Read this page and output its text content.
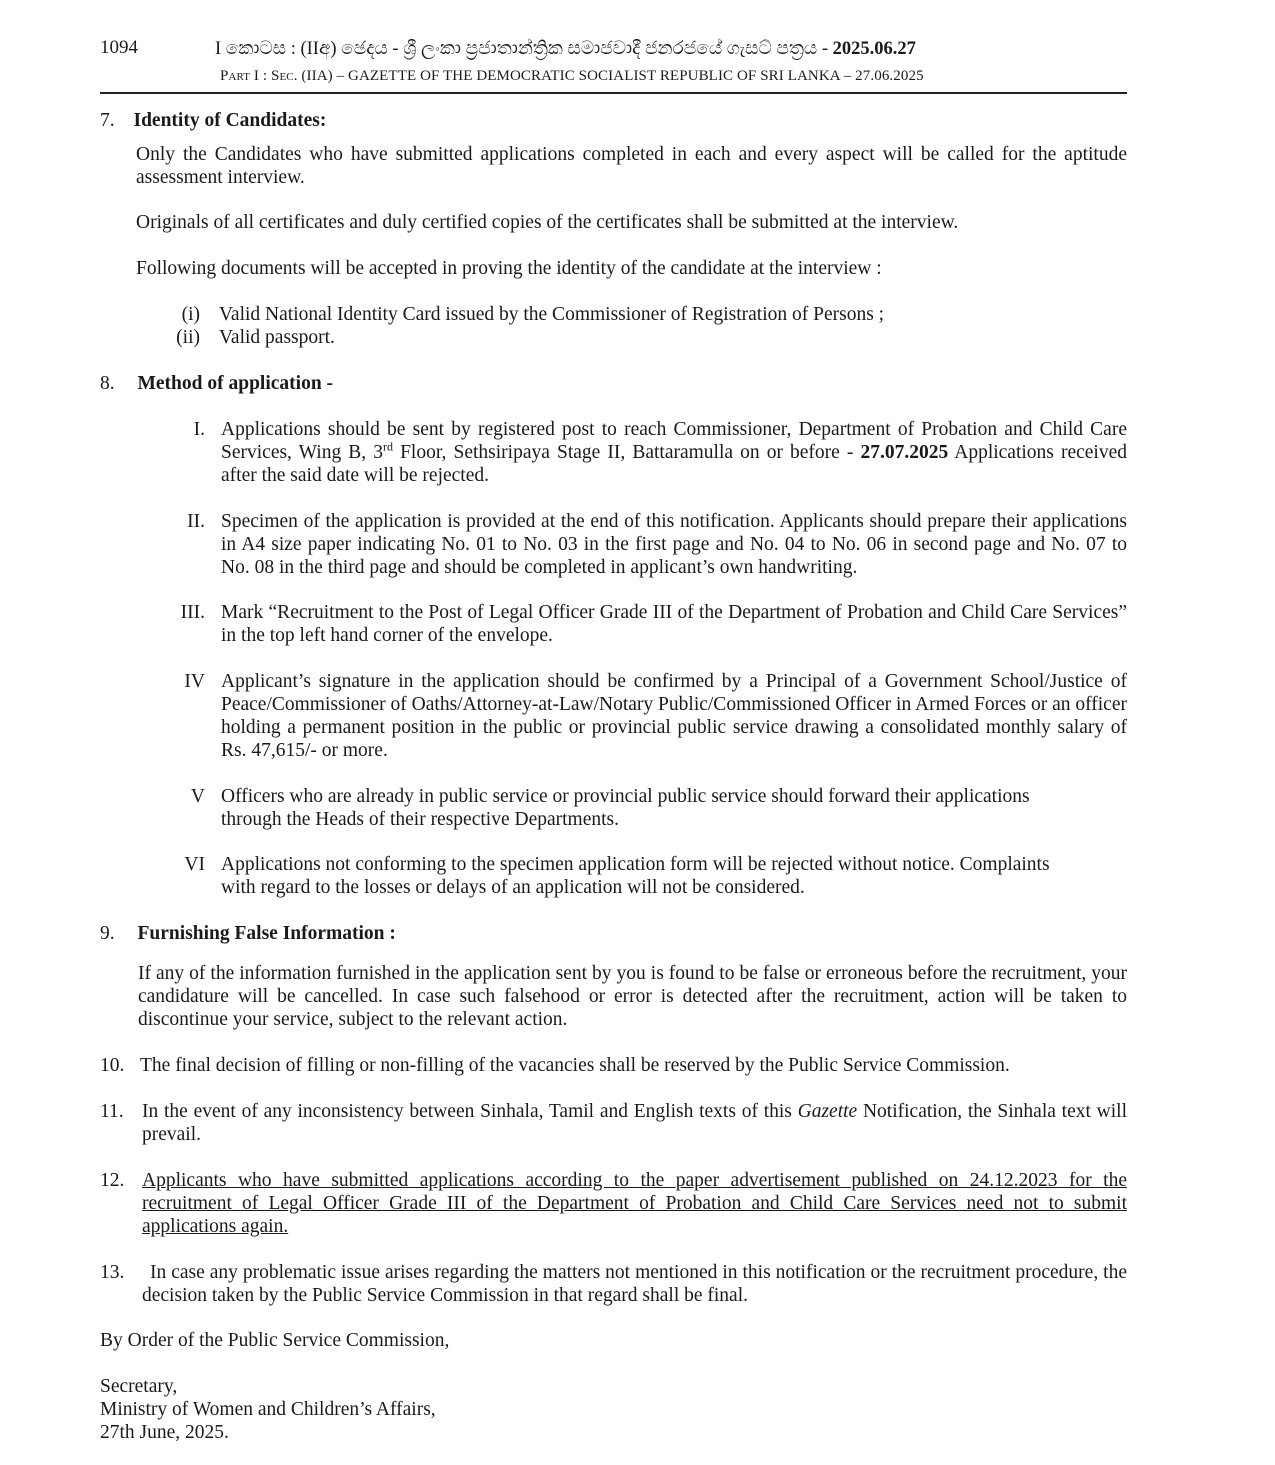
1094	I කොටස : (IIඅ) ඡෙදය - ශ්‍රී ලංකා ප්‍රජාතාන්ත්‍රික සමාජවාදී ජනරජයේ ගැසට් පත්‍රය - 2025.06.27
Part I : Sec. (IIA) – GAZETTE OF THE DEMOCRATIC SOCIALIST REPUBLIC OF SRI LANKA – 27.06.2025
7. Identity of Candidates:

Only the Candidates who have submitted applications completed in each and every aspect will be called for the aptitude assessment interview.

Originals of all certificates and duly certified copies of the certificates shall be submitted at the interview.

Following documents will be accepted in proving the identity of the candidate at the interview :

(i) Valid National Identity Card issued by the Commissioner of Registration of Persons ;
(ii) Valid passport.
8. Method of application -
I. Applications should be sent by registered post to reach Commissioner, Department of Probation and Child Care Services, Wing B, 3rd Floor, Sethsiripaya Stage II, Battaramulla on or before - 27.07.2025 Applications received after the said date will be rejected.

II. Specimen of the application is provided at the end of this notification. Applicants should prepare their applications in A4 size paper indicating No. 01 to No. 03 in the first page and No. 04 to No. 06 in second page and No. 07 to No. 08 in the third page and should be completed in applicant’s own handwriting.

III. Mark “Recruitment to the Post of Legal Officer Grade III of the Department of Probation and Child Care Services” in the top left hand corner of the envelope.

IV Applicant’s signature in the application should be confirmed by a Principal of a Government School/Justice of Peace/Commissioner of Oaths/Attorney-at-Law/Notary Public/Commissioned Officer in Armed Forces or an officer holding a permanent position in the public or provincial public service drawing a consolidated monthly salary of Rs. 47,615/- or more.

V Officers who are already in public service or provincial public service should forward their applications through the Heads of their respective Departments.

VI Applications not conforming to the specimen application form will be rejected without notice. Complaints with regard to the losses or delays of an application will not be considered.

9. Furnishing False Information :

If any of the information furnished in the application sent by you is found to be false or erroneous before the recruitment, your candidature will be cancelled. In case such falsehood or error is detected after the recruitment, action will be taken to discontinue your service, subject to the relevant action.

10. The final decision of filling or non-filling of the vacancies shall be reserved by the Public Service Commission.

11. In the event of any inconsistency between Sinhala, Tamil and English texts of this Gazette Notification, the Sinhala text will prevail.

12. Applicants who have submitted applications according to the paper advertisement published on 24.12.2023 for the recruitment of Legal Officer Grade III of the Department of Probation and Child Care Services need not to submit applications again.

13.	In case any problematic issue arises regarding the matters not mentioned in this notification or the recruitment procedure, the decision taken by the Public Service Commission in that regard shall be final.

By Order of the Public Service Commission,

Secretary,

Ministry of Women and Children’s Affairs,

27th June, 2025.
